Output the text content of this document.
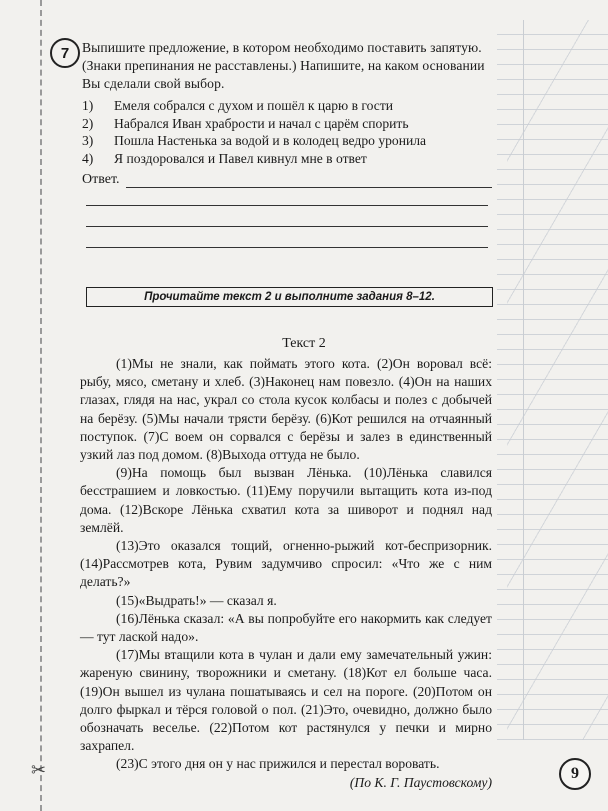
✂
7 Выпишите предложение, в котором необходимо поставить запятую. (Знаки препинания не расставлены.) Напишите, на каком основании Вы сделали свой выбор.
1)	Емеля собрался с духом и пошёл к царю в гости
2)	Набрался Иван храбрости и начал с царём спорить
3)	Пошла Настенька за водой и в колодец ведро уронила
4)	Я поздоровался и Павел кивнул мне в ответ
Ответ.
Прочитайте текст 2 и выполните задания 8–12.
Текст 2

(1)Мы не знали, как поймать этого кота. (2)Он воровал всё: рыбу, мясо, сметану и хлеб. (3)Наконец нам повезло. (4)Он на наших глазах, глядя на нас, украл со стола кусок колбасы и полез с добычей на берёзу. (5)Мы начали трясти берёзу. (6)Кот решился на отчаянный поступок. (7)С воем он сорвался с берёзы и залез в единственный узкий лаз под домом. (8)Выхода оттуда не было.

(9)На помощь был вызван Лёнька. (10)Лёнька славился бесстрашием и ловкостью. (11)Ему поручили вытащить кота из-под дома. (12)Вскоре Лёнька схватил кота за шиворот и поднял над землёй.

(13)Это оказался тощий, огненно-рыжий кот-беспризорник. (14)Рассмотрев кота, Рувим задумчиво спросил: «Что же с ним делать?»

(15)«Выдрать!» — сказал я.

(16)Лёнька сказал: «А вы попробуйте его накормить как следует — тут лаской надо».

(17)Мы втащили кота в чулан и дали ему замечательный ужин: жареную свинину, творожники и сметану. (18)Кот ел больше часа. (19)Он вышел из чулана пошатываясь и сел на пороге. (20)Потом он долго фыркал и тёрся головой о пол. (21)Это, очевидно, должно было обозначать веселье. (22)Потом кот растянулся у печки и мирно захрапел.

(23)С этого дня он у нас прижился и перестал воровать.

(По К. Г. Паустовскому)
9
